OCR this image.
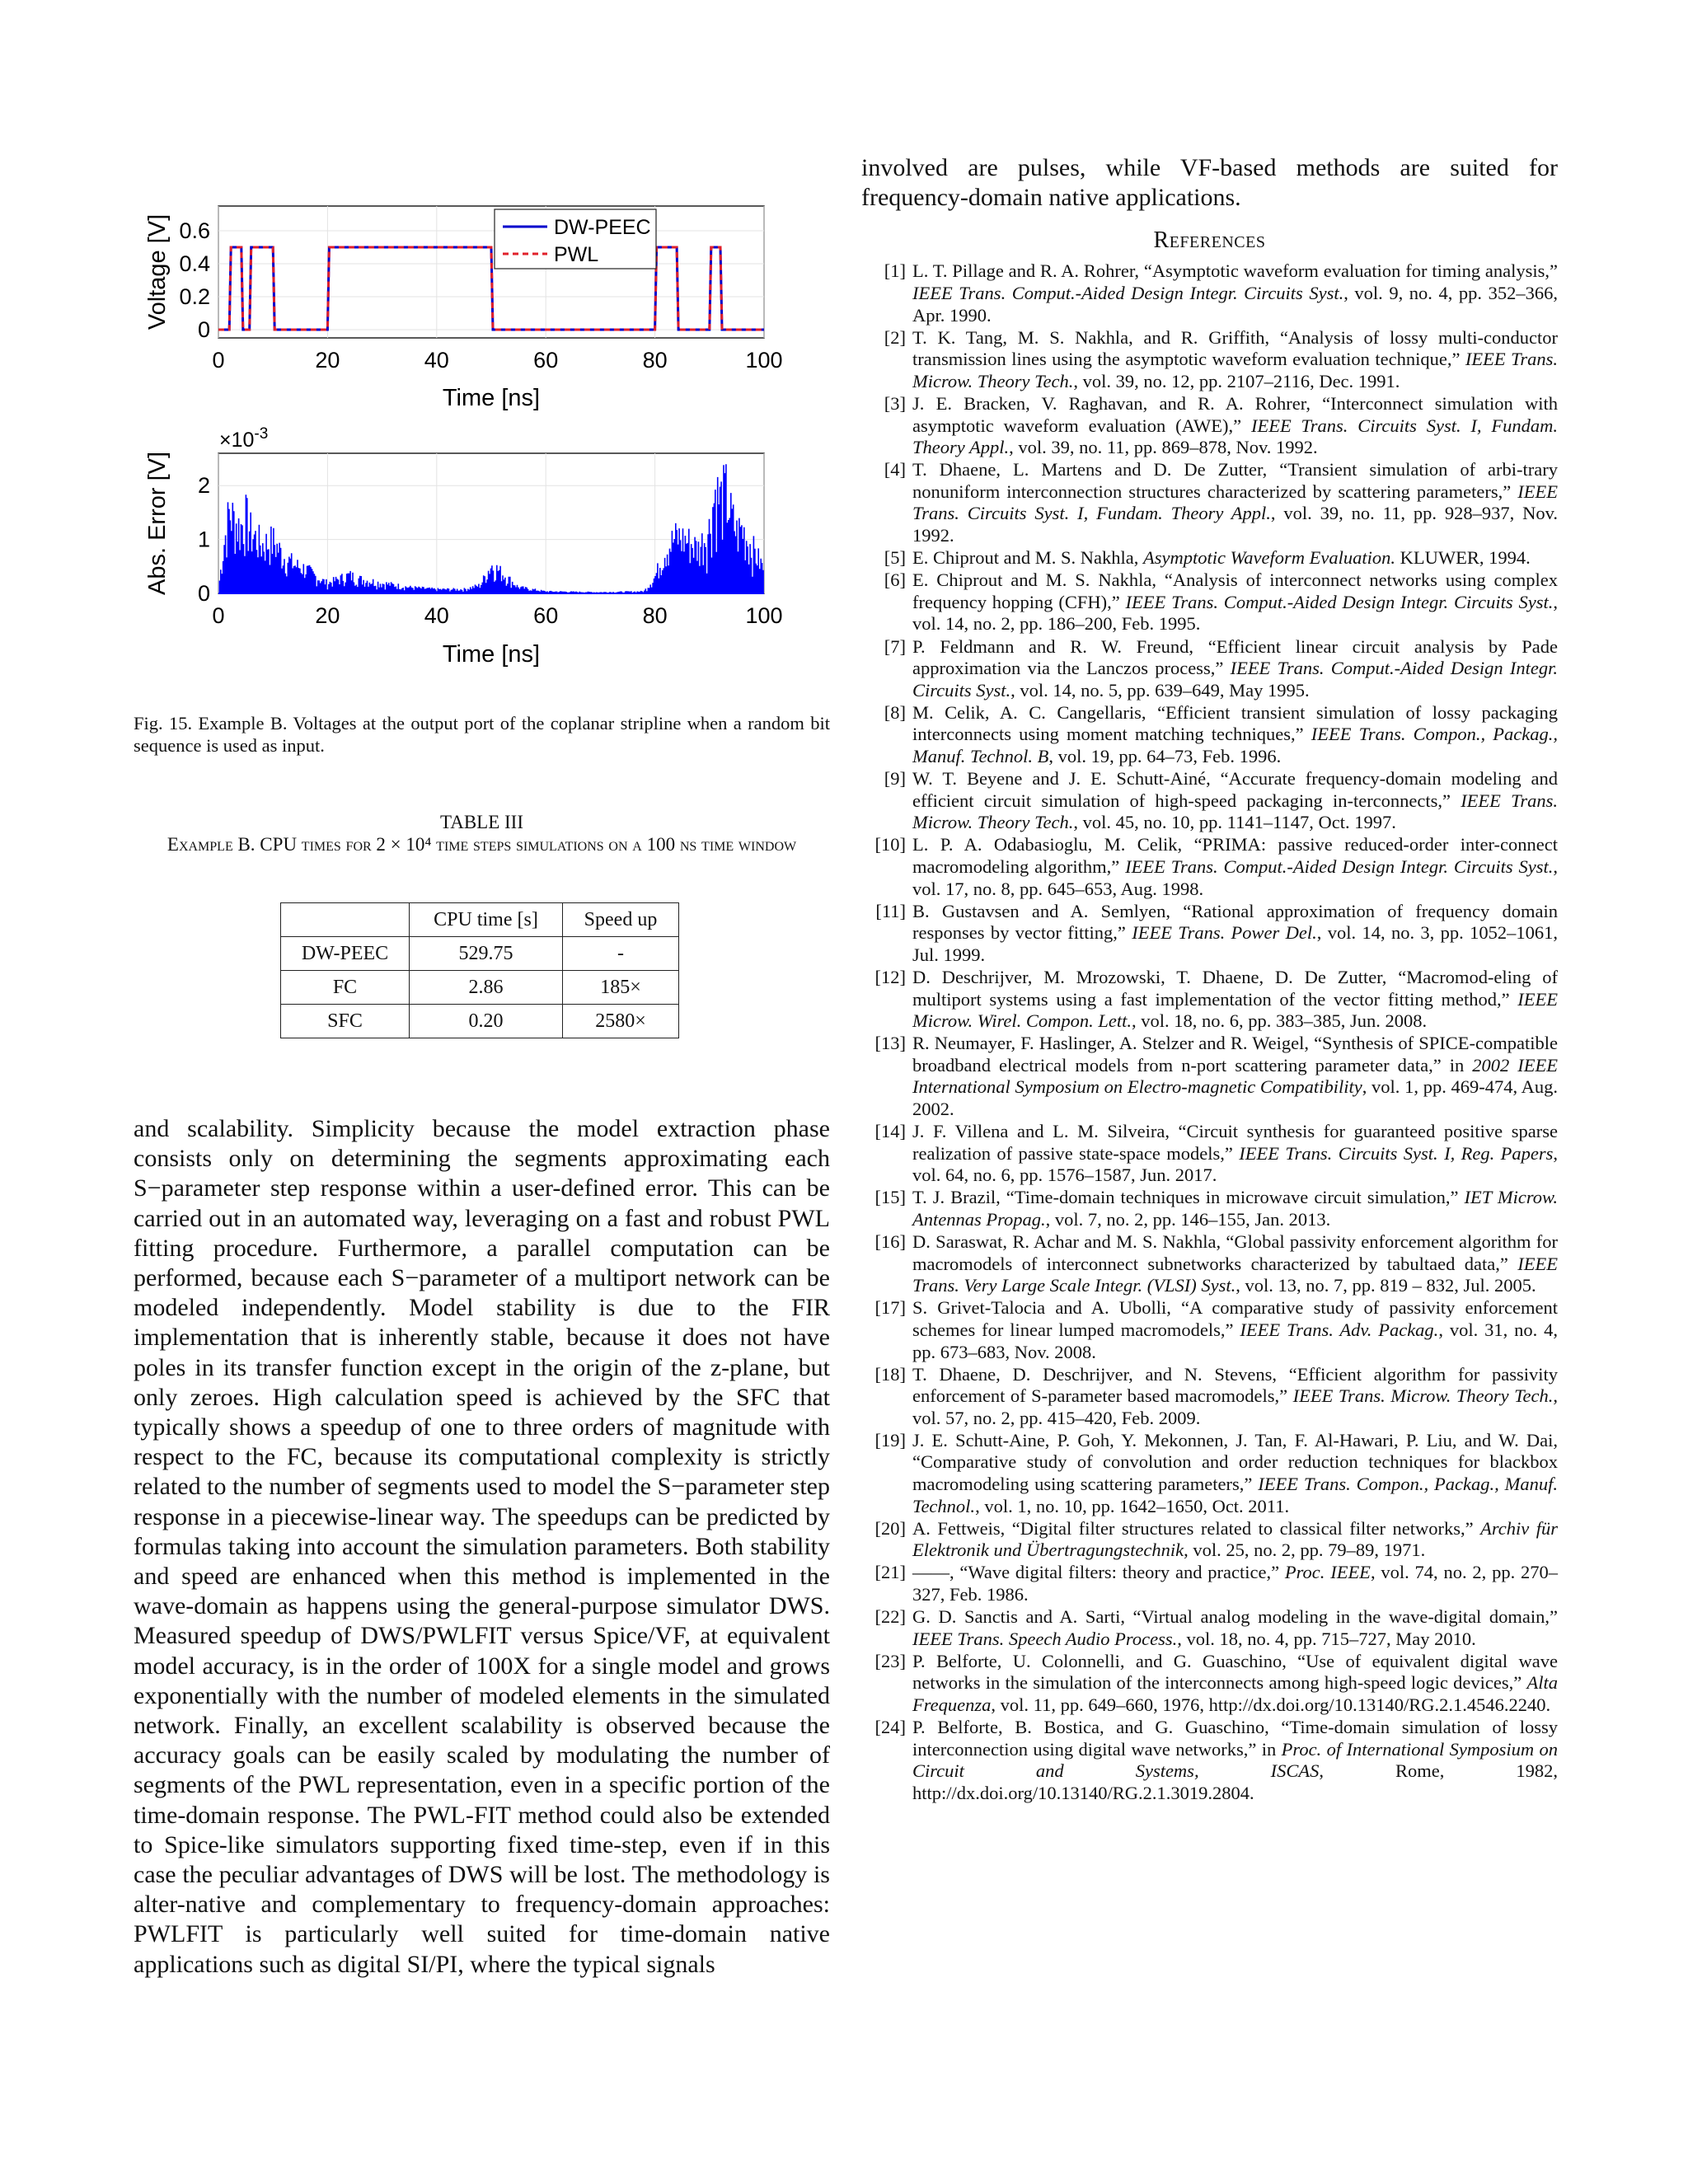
0
0.2
0.4
0.6
0	20	40	60	80	100
Time [ns]
Voltage [V]	DW-PEEC
PWL
0
1
2
0	20	40	60	80	100
$\times 10^{-3}$
Time [ns]
Abs. Error [V]
Fig. 15. Example B. Voltages at the output port of the coplanar stripline when a random bit sequence is used as input.
TABLE III
Example B. CPU times for 2 × 10⁴ time steps simulations on a 100 ns time window
	CPU time [s]	Speed up
DW-PEEC	529.75	-
FC	2.86	185×
SFC	0.20	2580×
and scalability. Simplicity because the model extraction phase consists only on determining the segments approximating each S−parameter step response within a user-defined error. This can be carried out in an automated way, leveraging on a fast and robust PWL fitting procedure. Furthermore, a parallel computation can be performed, because each S−parameter of a multiport network can be modeled independently. Model stability is due to the FIR implementation that is inherently stable, because it does not have poles in its transfer function except in the origin of the z-plane, but only zeroes. High calculation speed is achieved by the SFC that typically shows a speedup of one to three orders of magnitude with respect to the FC, because its computational complexity is strictly related to the number of segments used to model the S−parameter step response in a piecewise-linear way. The speedups can be predicted by formulas taking into account the simulation parameters. Both stability and speed are enhanced when this method is implemented in the wave-domain as happens using the general-purpose simulator DWS. Measured speedup of DWS/PWLFIT versus Spice/VF, at equivalent model accuracy, is in the order of 100X for a single model and grows exponentially with the number of modeled elements in the simulated network. Finally, an excellent scalability is observed because the accuracy goals can be easily scaled by modulating the number of segments of the PWL representation, even in a specific portion of the time-domain response. The PWL-FIT method could also be extended to Spice-like simulators supporting fixed time-step, even if in this case the peculiar advantages of DWS will be lost. The methodology is alter-native and complementary to frequency-domain approaches: PWLFIT is particularly well suited for time-domain native applications such as digital SI/PI, where the typical signals
involved are pulses, while VF-based methods are suited for frequency-domain native applications.
References
[1] L. T. Pillage and R. A. Rohrer, “Asymptotic waveform evaluation for timing analysis,” IEEE Trans. Comput.-Aided Design Integr. Circuits Syst., vol. 9, no. 4, pp. 352–366, Apr. 1990.
[2] T. K. Tang, M. S. Nakhla, and R. Griffith, “Analysis of lossy multi-conductor transmission lines using the asymptotic waveform evaluation technique,” IEEE Trans. Microw. Theory Tech., vol. 39, no. 12, pp. 2107–2116, Dec. 1991.
[3] J. E. Bracken, V. Raghavan, and R. A. Rohrer, “Interconnect simulation with asymptotic waveform evaluation (AWE),” IEEE Trans. Circuits Syst. I, Fundam. Theory Appl., vol. 39, no. 11, pp. 869–878, Nov. 1992.
[4] T. Dhaene, L. Martens and D. De Zutter, “Transient simulation of arbi-trary nonuniform interconnection structures characterized by scattering parameters,” IEEE Trans. Circuits Syst. I, Fundam. Theory Appl., vol. 39, no. 11, pp. 928–937, Nov. 1992.
[5] E. Chiprout and M. S. Nakhla, Asymptotic Waveform Evaluation. KLUWER, 1994.
[6] E. Chiprout and M. S. Nakhla, “Analysis of interconnect networks using complex frequency hopping (CFH),” IEEE Trans. Comput.-Aided Design Integr. Circuits Syst., vol. 14, no. 2, pp. 186–200, Feb. 1995.
[7] P. Feldmann and R. W. Freund, “Efficient linear circuit analysis by Pade approximation via the Lanczos process,” IEEE Trans. Comput.-Aided Design Integr. Circuits Syst., vol. 14, no. 5, pp. 639–649, May 1995.
[8] M. Celik, A. C. Cangellaris, “Efficient transient simulation of lossy packaging interconnects using moment matching techniques,” IEEE Trans. Compon., Packag., Manuf. Technol. B, vol. 19, pp. 64–73, Feb. 1996.
[9] W. T. Beyene and J. E. Schutt-Ainé, “Accurate frequency-domain modeling and efficient circuit simulation of high-speed packaging in-terconnects,” IEEE Trans. Microw. Theory Tech., vol. 45, no. 10, pp. 1141–1147, Oct. 1997.
[10] L. P. A. Odabasioglu, M. Celik, “PRIMA: passive reduced-order inter-connect macromodeling algorithm,” IEEE Trans. Comput.-Aided Design Integr. Circuits Syst., vol. 17, no. 8, pp. 645–653, Aug. 1998.
[11] B. Gustavsen and A. Semlyen, “Rational approximation of frequency domain responses by vector fitting,” IEEE Trans. Power Del., vol. 14, no. 3, pp. 1052–1061, Jul. 1999.
[12] D. Deschrijver, M. Mrozowski, T. Dhaene, D. De Zutter, “Macromod-eling of multiport systems using a fast implementation of the vector fitting method,” IEEE Microw. Wirel. Compon. Lett., vol. 18, no. 6, pp. 383–385, Jun. 2008.
[13] R. Neumayer, F. Haslinger, A. Stelzer and R. Weigel, “Synthesis of SPICE-compatible broadband electrical models from n-port scattering parameter data,” in 2002 IEEE International Symposium on Electro-magnetic Compatibility, vol. 1, pp. 469-474, Aug. 2002.
[14] J. F. Villena and L. M. Silveira, “Circuit synthesis for guaranteed positive sparse realization of passive state-space models,” IEEE Trans. Circuits Syst. I, Reg. Papers, vol. 64, no. 6, pp. 1576–1587, Jun. 2017.
[15] T. J. Brazil, “Time-domain techniques in microwave circuit simulation,” IET Microw. Antennas Propag., vol. 7, no. 2, pp. 146–155, Jan. 2013.
[16] D. Saraswat, R. Achar and M. S. Nakhla, “Global passivity enforcement algorithm for macromodels of interconnect subnetworks characterized by tabultaed data,” IEEE Trans. Very Large Scale Integr. (VLSI) Syst., vol. 13, no. 7, pp. 819 – 832, Jul. 2005.
[17] S. Grivet-Talocia and A. Ubolli, “A comparative study of passivity enforcement schemes for linear lumped macromodels,” IEEE Trans. Adv. Packag., vol. 31, no. 4, pp. 673–683, Nov. 2008.
[18] T. Dhaene, D. Deschrijver, and N. Stevens, “Efficient algorithm for passivity enforcement of S-parameter based macromodels,” IEEE Trans. Microw. Theory Tech., vol. 57, no. 2, pp. 415–420, Feb. 2009.
[19] J. E. Schutt-Aine, P. Goh, Y. Mekonnen, J. Tan, F. Al-Hawari, P. Liu, and W. Dai, “Comparative study of convolution and order reduction techniques for blackbox macromodeling using scattering parameters,” IEEE Trans. Compon., Packag., Manuf. Technol., vol. 1, no. 10, pp. 1642–1650, Oct. 2011.
[20] A. Fettweis, “Digital filter structures related to classical filter networks,” Archiv für Elektronik und Übertragungstechnik, vol. 25, no. 2, pp. 79–89, 1971.
[21] ——, “Wave digital filters: theory and practice,” Proc. IEEE, vol. 74, no. 2, pp. 270–327, Feb. 1986.
[22] G. D. Sanctis and A. Sarti, “Virtual analog modeling in the wave-digital domain,” IEEE Trans. Speech Audio Process., vol. 18, no. 4, pp. 715–727, May 2010.
[23] P. Belforte, U. Colonnelli, and G. Guaschino, “Use of equivalent digital wave networks in the simulation of the interconnects among high-speed logic devices,” Alta Frequenza, vol. 11, pp. 649–660, 1976, http://dx.doi.org/10.13140/RG.2.1.4546.2240.
[24] P. Belforte, B. Bostica, and G. Guaschino, “Time-domain simulation of lossy interconnection using digital wave networks,” in Proc. of International Symposium on Circuit and Systems, ISCAS, Rome, 1982, http://dx.doi.org/10.13140/RG.2.1.3019.2804.
